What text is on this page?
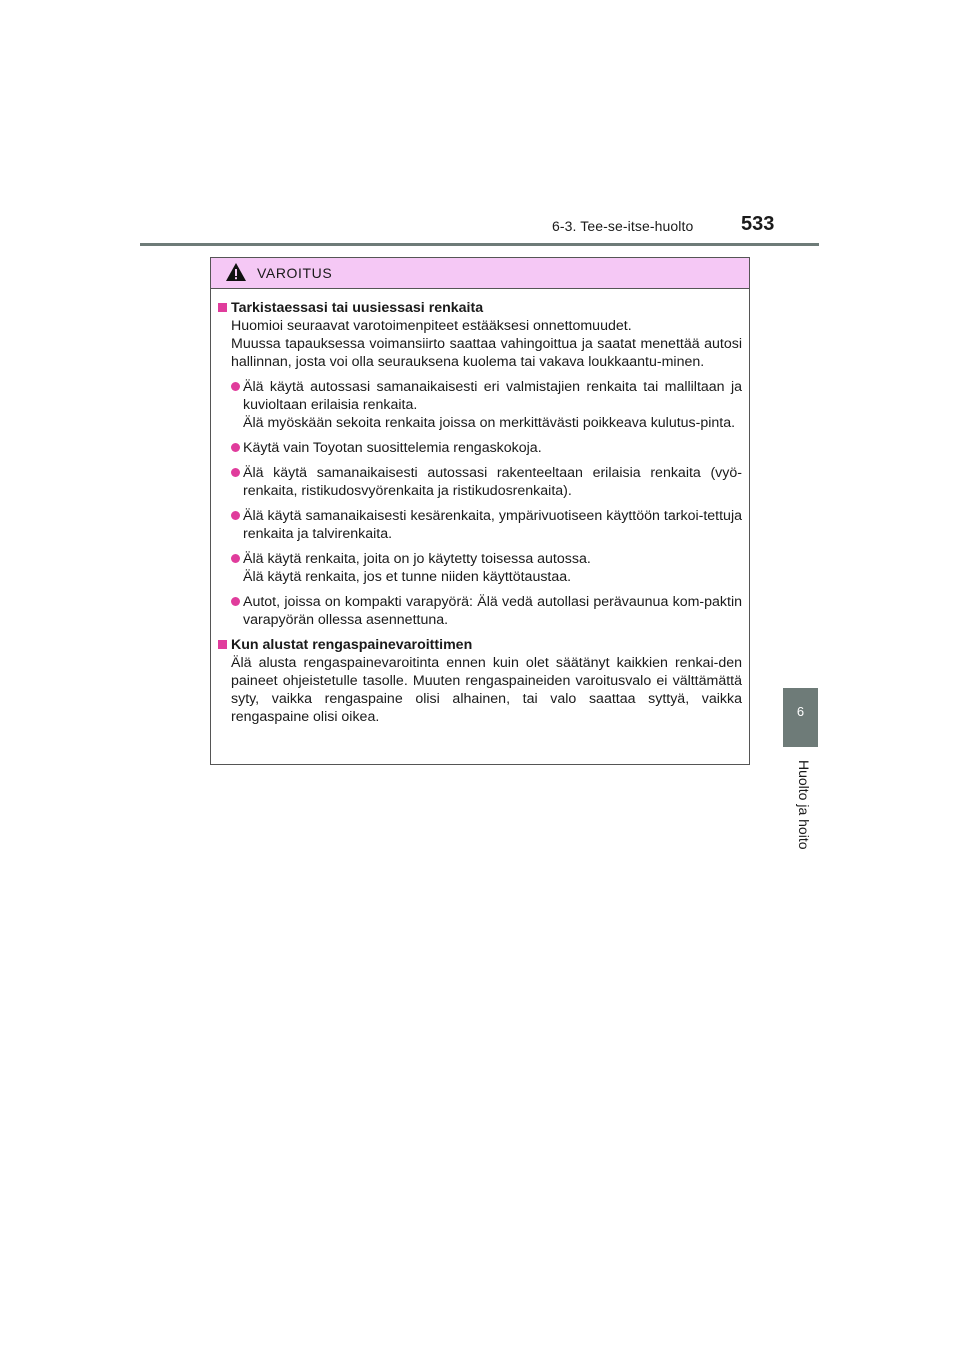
6-3. Tee-se-itse-huolto 533
6
Huolto ja hoito
VAROITUS
Tarkistaessasi tai uusiessasi renkaita
Huomioi seuraavat varotoimenpiteet estääksesi onnettomuudet.
Muussa tapauksessa voimansiirto saattaa vahingoittua ja saatat menettää autosi hallinnan, josta voi olla seurauksena kuolema tai vakava loukkaantu-minen.
Älä käytä autossasi samanaikaisesti eri valmistajien renkaita tai malliltaan ja kuvioltaan erilaisia renkaita.
Älä myöskään sekoita renkaita joissa on merkittävästi poikkeava kulutus-pinta.
Käytä vain Toyotan suosittelemia rengaskokoja.
Älä käytä samanaikaisesti autossasi rakenteeltaan erilaisia renkaita (vyö-renkaita, ristikudosvyörenkaita ja ristikudosrenkaita).
Älä käytä samanaikaisesti kesärenkaita, ympärivuotiseen käyttöön tarkoi-tettuja renkaita ja talvirenkaita.
Älä käytä renkaita, joita on jo käytetty toisessa autossa.
Älä käytä renkaita, jos et tunne niiden käyttötaustaa.
Autot, joissa on kompakti varapyörä: Älä vedä autollasi perävaunua kom-paktin varapyörän ollessa asennettuna.
Kun alustat rengaspainevaroittimen
Älä alusta rengaspainevaroitinta ennen kuin olet säätänyt kaikkien renkai-den paineet ohjeistetulle tasolle. Muuten rengaspaineiden varoitusvalo ei välttämättä syty, vaikka rengaspaine olisi alhainen, tai valo saattaa syttyä, vaikka rengaspaine olisi oikea.
